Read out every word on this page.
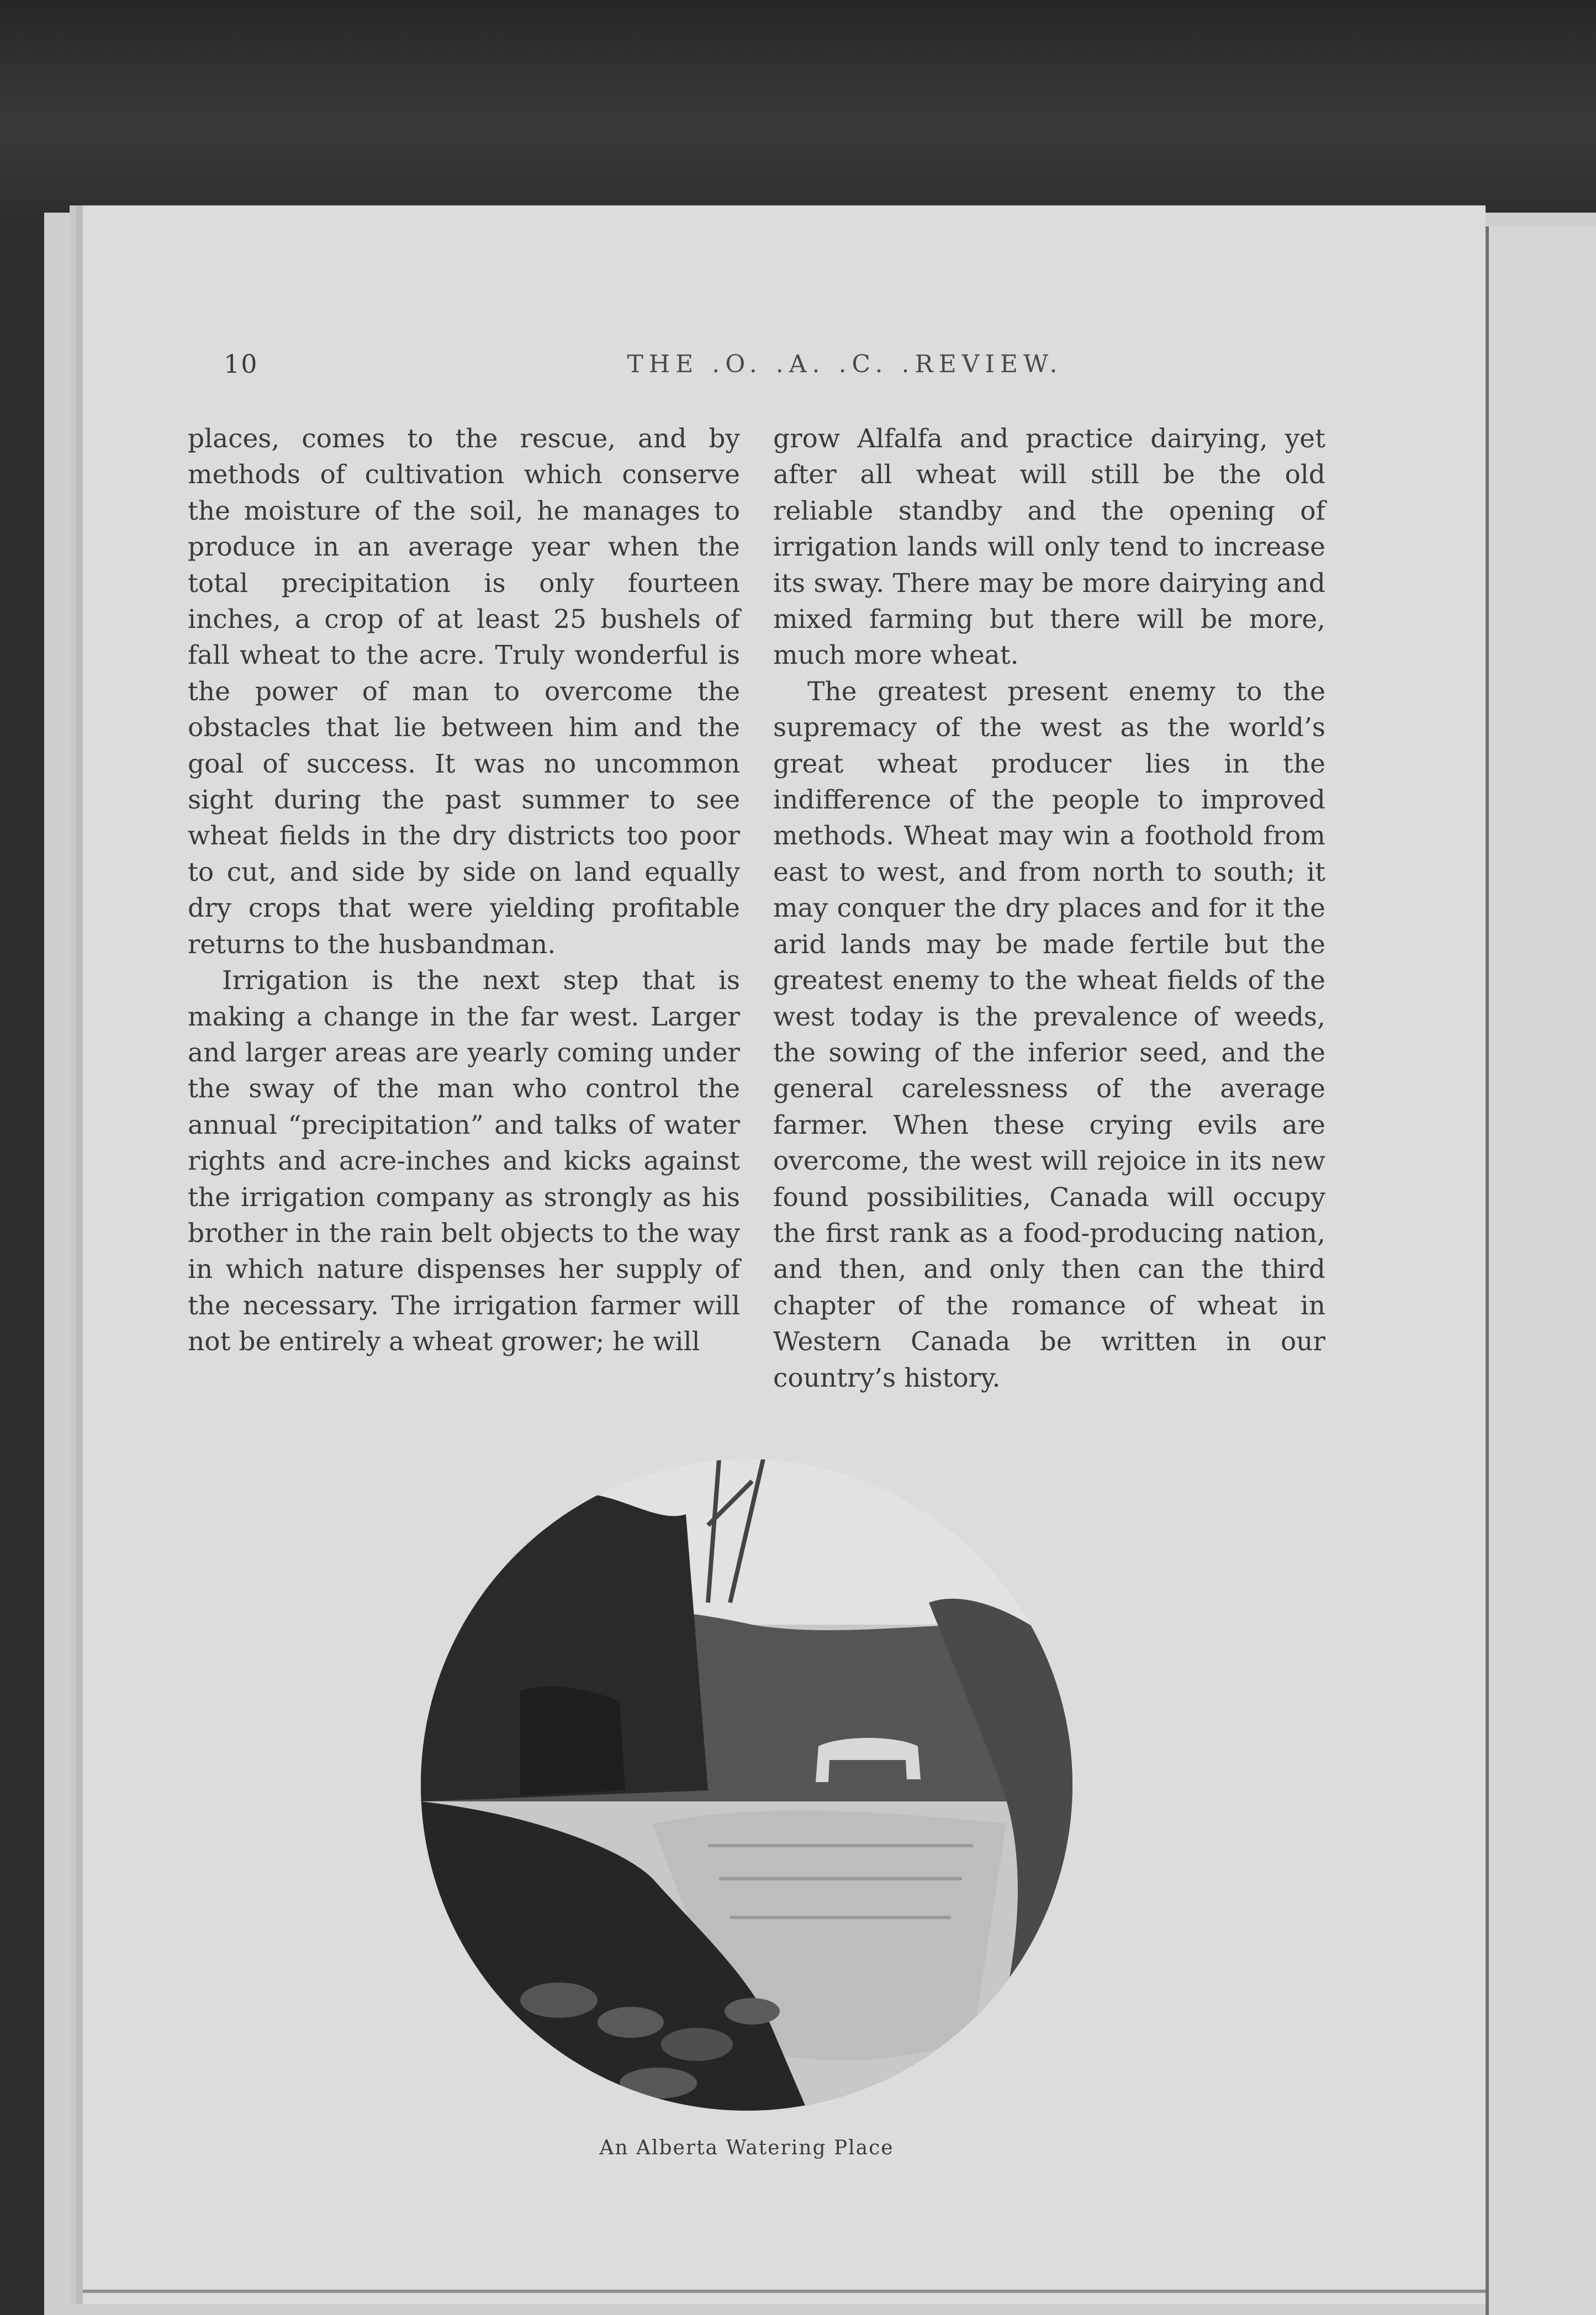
10	THE .O. .A. .C. .REVIEW.

places, comes to the rescue, and by methods of cultivation which conserve the moisture of the soil, he manages to produce in an average year when the total precipitation is only fourteen inches, a crop of at least 25 bushels of fall wheat to the acre. Truly wonderful is the power of man to overcome the obstacles that lie between him and the goal of success. It was no uncommon sight during the past summer to see wheat fields in the dry districts too poor to cut, and side by side on land equally dry crops that were yielding profitable returns to the husbandman.

Irrigation is the next step that is making a change in the far west. Larger and larger areas are yearly coming under the sway of the man who control the annual “precipitation” and talks of water rights and acre-inches and kicks against the irrigation company as strongly as his brother in the rain belt objects to the way in which nature dispenses her supply of the necessary. The irrigation farmer will not be entirely a wheat grower; he will

grow Alfalfa and practice dairying, yet after all wheat will still be the old reliable standby and the opening of irrigation lands will only tend to increase its sway. There may be more dairying and mixed farming but there will be more, much more wheat.

The greatest present enemy to the supremacy of the west as the world’s great wheat producer lies in the indifference of the people to improved methods. Wheat may win a foothold from east to west, and from north to south; it may conquer the dry places and for it the arid lands may be made fertile but the greatest enemy to the wheat fields of the west today is the prevalence of weeds, the sowing of the inferior seed, and the general carelessness of the average farmer. When these crying evils are overcome, the west will rejoice in its new found possibilities, Canada will occupy the first rank as a food-producing nation, and then, and only then can the third chapter of the romance of wheat in Western Canada be written in our country’s history.

An Alberta Watering Place
